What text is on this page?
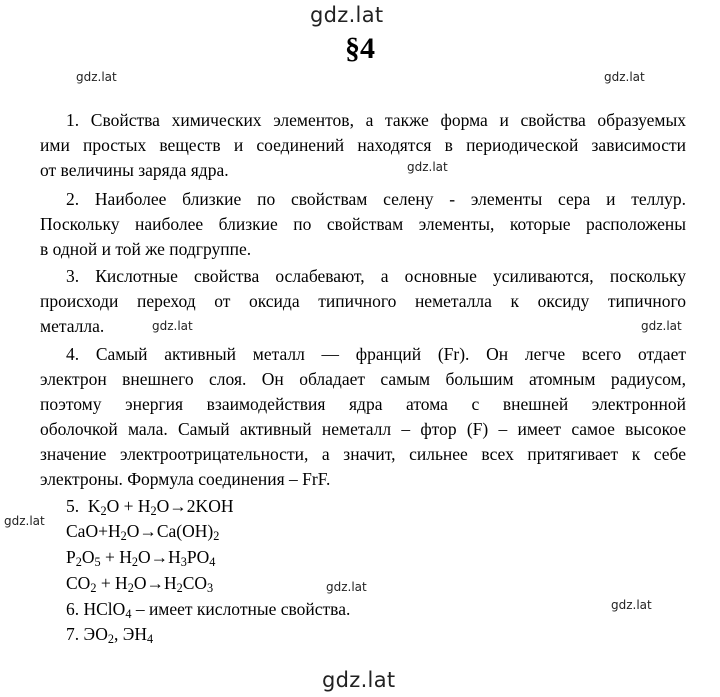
gdz.lat
gdz.lat
gdz.lat	gdz.lat
gdz.lat
gdz.lat	gdz.lat
gdz.lat
gdz.lat
gdz.lat
§4
1. Свойства химических элементов, а также форма и свойства образуемых
ими простых веществ и соединений находятся в периодической зависимости
от величины заряда ядра.
2. Наиболее близкие по свойствам селену - элементы сера и теллур.
Поскольку наиболее близкие по свойствам элементы, которые расположены
в одной и той же подгруппе.
3. Кислотные свойства ослабевают, а основные усиливаются, поскольку
происходи переход от оксида типичного неметалла к оксиду типичного
металла.
4. Самый активный металл — франций (Fr). Он легче всего отдает
электрон внешнего слоя. Он обладает самым большим атомным радиусом,
поэтому энергия взаимодействия ядра атома с внешней электронной
оболочкой мала. Самый активный неметалл – фтор (F) – имеет самое высокое
значение электроотрицательности, а значит, сильнее всех притягивает к себе
электроны. Формула соединения – FrF.
5. $K_2O + H_2O\to 2KOH$
$CaO+H_2O\to Ca(OH)_2$
$P_2O_5 + H_2O\to H_3PO_4$
$CO_2 + H_2O\to H_2CO_3$
6. HClO$_4$ – имеет кислотные свойства.
7. $ЭО_2$, $ЭН_4$
